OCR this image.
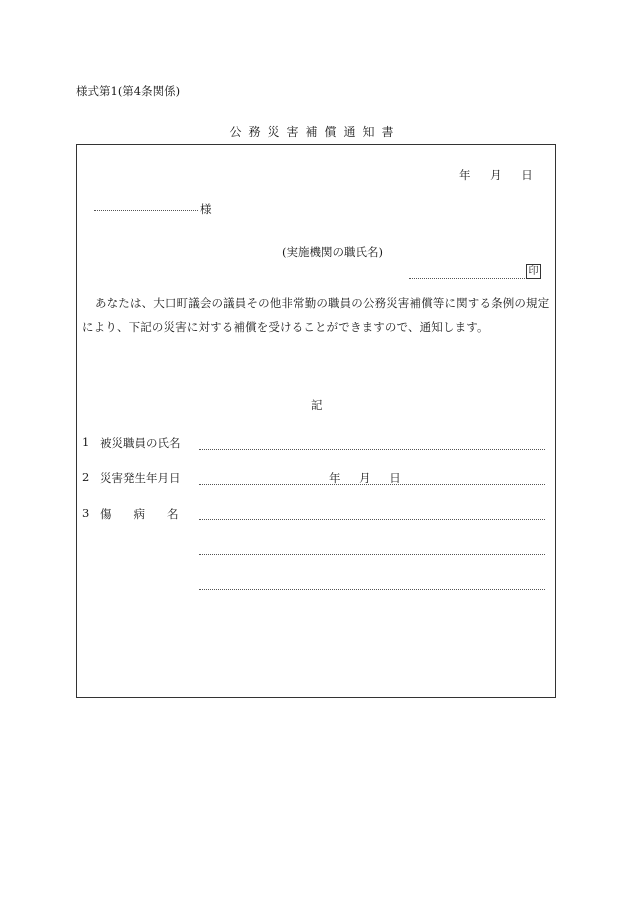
様式第1(第4条関係)
公務災害補償通知書
年 月 日
様
(実施機関の職氏名)
印
あなたは、大口町議会の議員その他非常勤の職員の公務災害補償等に関する条例の規定
により、下記の災害に対する補償を受けることができますので、通知します。
記
1 被災職員の氏名
2 災害発生年月日	年 月 日
3 傷病名
